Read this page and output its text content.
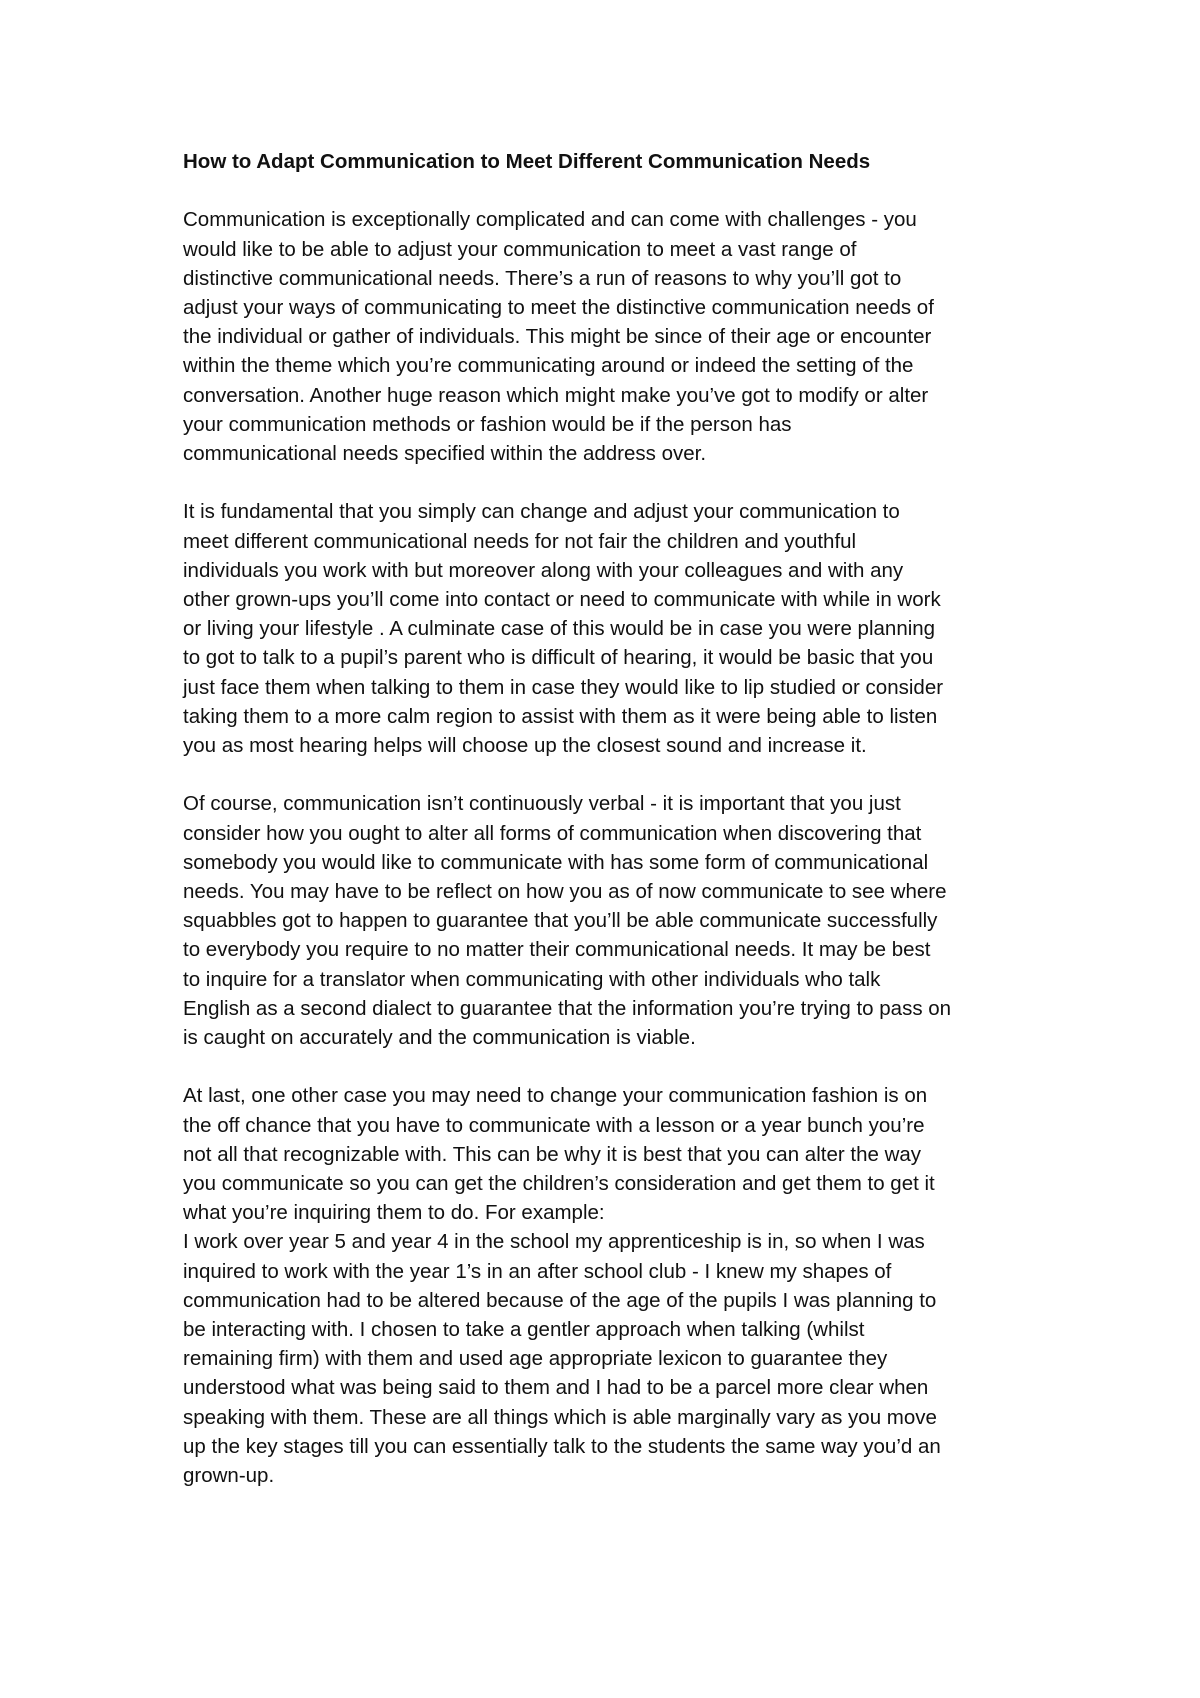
How to Adapt Communication to Meet Different Communication Needs
Communication is exceptionally complicated and can come with challenges - you
would like to be able to adjust your communication to meet a vast range of
distinctive communicational needs. There’s a run of reasons to why you’ll got to
adjust your ways of communicating to meet the distinctive communication needs of
the individual or gather of individuals. This might be since of their age or encounter
within the theme which you’re communicating around or indeed the setting of the
conversation. Another huge reason which might make you’ve got to modify or alter
your communication methods or fashion would be if the person has
communicational needs specified within the address over.
It is fundamental that you simply can change and adjust your communication to
meet different communicational needs for not fair the children and youthful
individuals you work with but moreover along with your colleagues and with any
other grown-ups you’ll come into contact or need to communicate with while in work
or living your lifestyle . A culminate case of this would be in case you were planning
to got to talk to a pupil’s parent who is difficult of hearing, it would be basic that you
just face them when talking to them in case they would like to lip studied or consider
taking them to a more calm region to assist with them as it were being able to listen
you as most hearing helps will choose up the closest sound and increase it.
Of course, communication isn’t continuously verbal - it is important that you just
consider how you ought to alter all forms of communication when discovering that
somebody you would like to communicate with has some form of communicational
needs. You may have to be reflect on how you as of now communicate to see where
squabbles got to happen to guarantee that you’ll be able communicate successfully
to everybody you require to no matter their communicational needs. It may be best
to inquire for a translator when communicating with other individuals who talk
English as a second dialect to guarantee that the information you’re trying to pass on
is caught on accurately and the communication is viable.
At last, one other case you may need to change your communication fashion is on
the off chance that you have to communicate with a lesson or a year bunch you’re
not all that recognizable with. This can be why it is best that you can alter the way
you communicate so you can get the children’s consideration and get them to get it
what you’re inquiring them to do. For example:
I work over year 5 and year 4 in the school my apprenticeship is in, so when I was
inquired to work with the year 1’s in an after school club - I knew my shapes of
communication had to be altered because of the age of the pupils I was planning to
be interacting with. I chosen to take a gentler approach when talking (whilst
remaining firm) with them and used age appropriate lexicon to guarantee they
understood what was being said to them and I had to be a parcel more clear when
speaking with them. These are all things which is able marginally vary as you move
up the key stages till you can essentially talk to the students the same way you’d an
grown-up.
